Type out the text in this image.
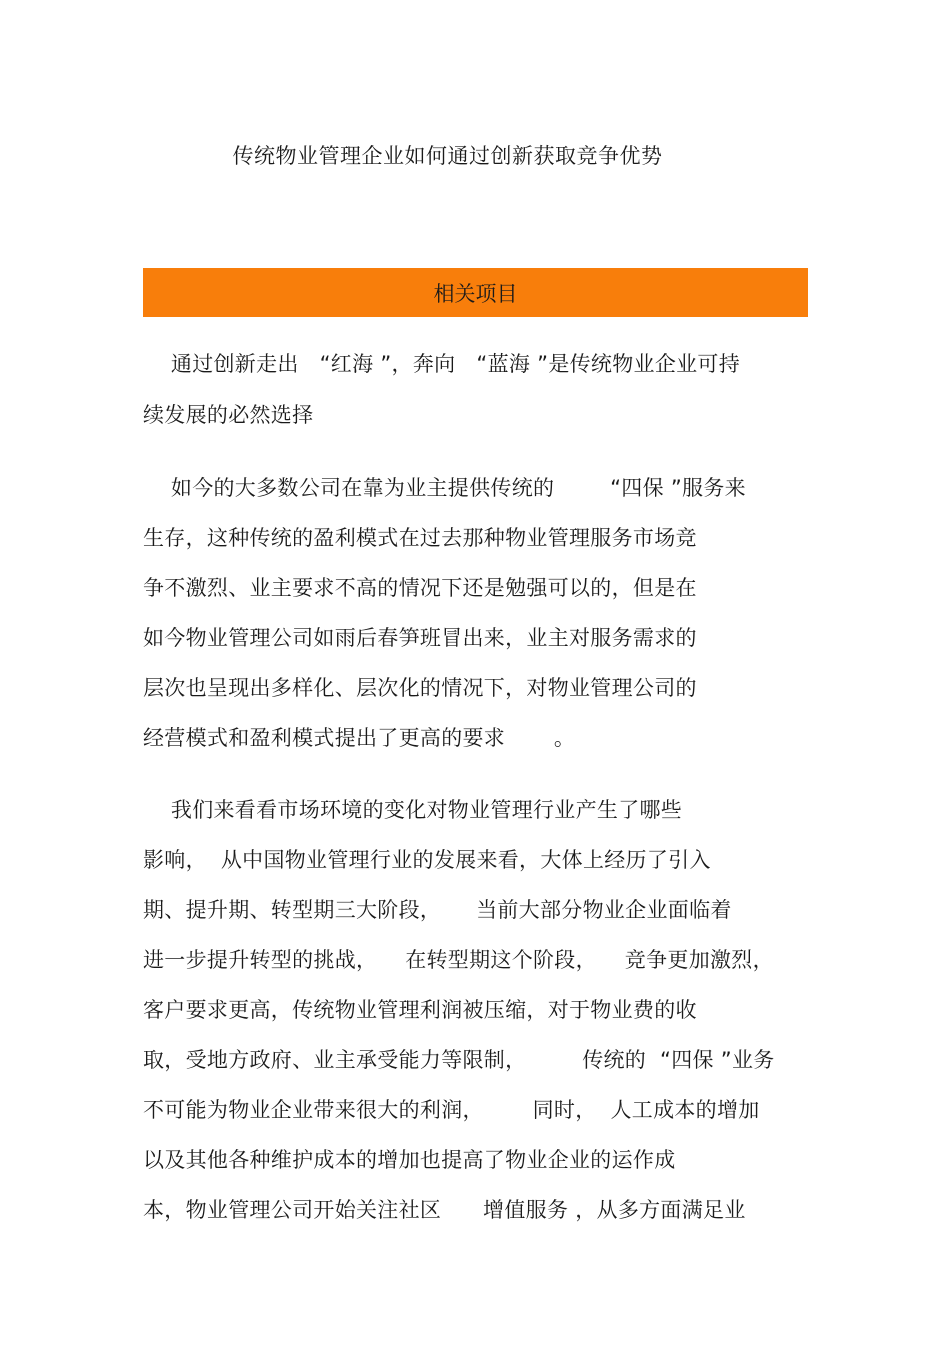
传统物业管理企业如何通过创新获取竞争优势
相关项目
通过创新走出   “红海 ”，奔向   “蓝海 ”是传统物业企业可持
续发展的必然选择
如今的大多数公司在靠为业主提供传统的        “四保 ”服务来
生存，这种传统的盈利模式在过去那种物业管理服务市场竞
争不激烈、业主要求不高的情况下还是勉强可以的，但是在
如今物业管理公司如雨后春笋班冒出来，业主对服务需求的
层次也呈现出多样化、层次化的情况下，对物业管理公司的
经营模式和盈利模式提出了更高的要求       。
我们来看看市场环境的变化对物业管理行业产生了哪些
影响，  从中国物业管理行业的发展来看，大体上经历了引入
期、提升期、转型期三大阶段，     当前大部分物业企业面临着
进一步提升转型的挑战，    在转型期这个阶段，    竞争更加激烈，
客户要求更高，传统物业管理利润被压缩，对于物业费的收
取，受地方政府、业主承受能力等限制，        传统的  “四保 ”业务
不可能为物业企业带来很大的利润，       同时，  人工成本的增加
以及其他各种维护成本的增加也提高了物业企业的运作成
本，物业管理公司开始关注社区      增值服务 ，从多方面满足业
